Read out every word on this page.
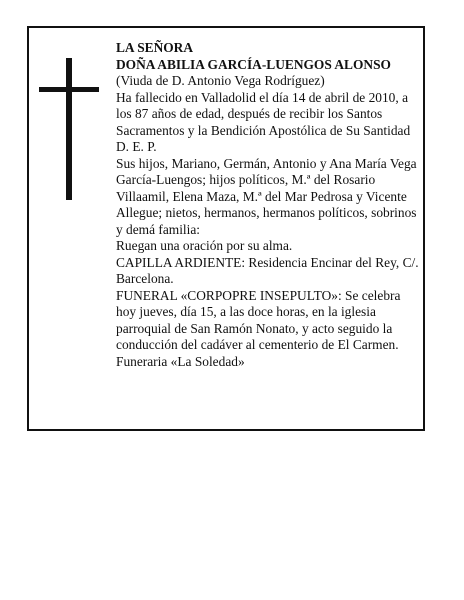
LA SEÑORA

DOÑA ABILIA GARCÍA-LUENGOS ALONSO

(Viuda de D. Antonio Vega Rodríguez)

Ha fallecido en Valladolid el día 14 de abril de 2010, a los 87 años de edad, después de recibir los Santos Sacramentos y la Bendición Apostólica de Su Santidad D. E. P.

Sus hijos, Mariano, Germán, Antonio y Ana María Vega García-Luengos; hijos políticos, M.ª del Rosario Villaamil, Elena Maza, M.ª del Mar Pedrosa y Vicente Allegue; nietos, hermanos, hermanos políticos, sobrinos y demá familia:

Ruegan una oración por su alma.

CAPILLA ARDIENTE: Residencia Encinar del Rey, C/. Barcelona.

FUNERAL «CORPOPRE INSEPULTO»: Se celebra hoy jueves, día 15, a las doce horas, en la iglesia parroquial de San Ramón Nonato, y acto seguido la conducción del cadáver al cementerio de El Carmen.

Funeraria «La Soledad»
